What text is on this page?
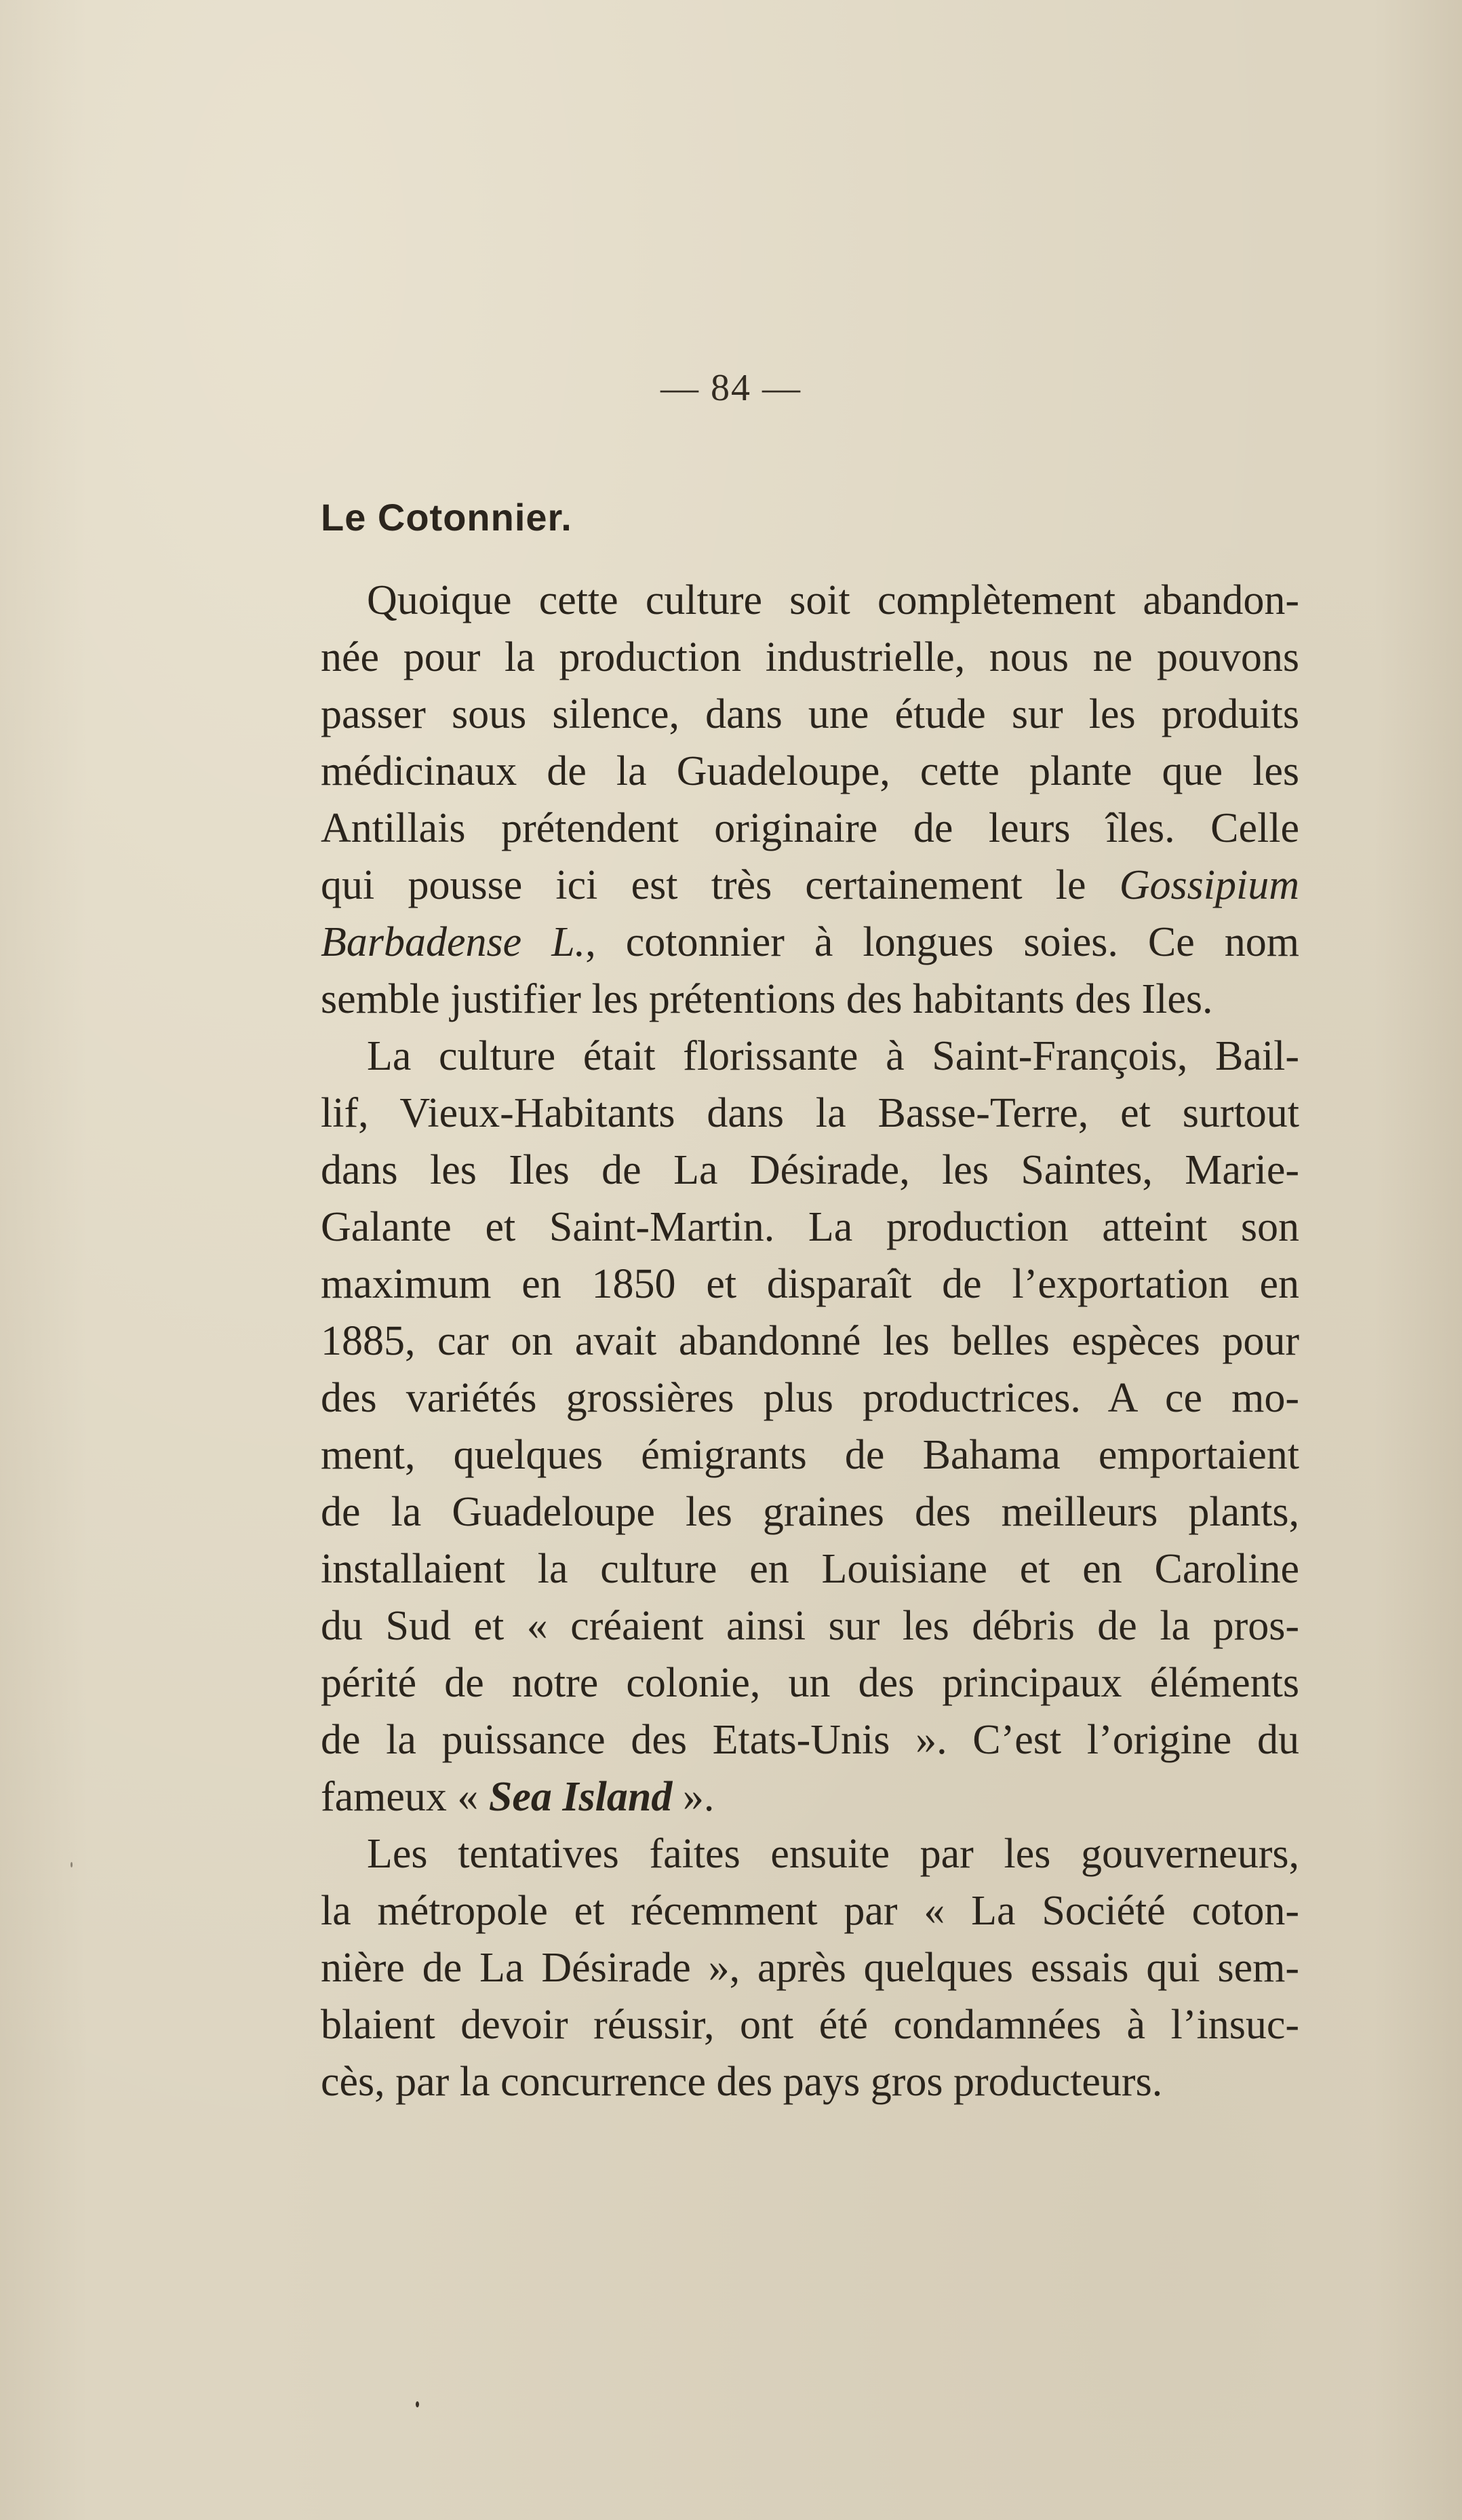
— 84 —
Le Cotonnier.
Quoique cette culture soit complètement abandon-
née pour la production industrielle, nous ne pouvons
passer sous silence, dans une étude sur les produits
médicinaux de la Guadeloupe, cette plante que les
Antillais prétendent originaire de leurs îles. Celle
qui pousse ici est très certainement le Gossipium
Barbadense L., cotonnier à longues soies. Ce nom
semble justifier les prétentions des habitants des Iles.
La culture était florissante à Saint-François, Bail-
lif, Vieux-Habitants dans la Basse-Terre, et surtout
dans les Iles de La Désirade, les Saintes, Marie-
Galante et Saint-Martin. La production atteint son
maximum en 1850 et disparaît de l’exportation en
1885, car on avait abandonné les belles espèces pour
des variétés grossières plus productrices. A ce mo-
ment, quelques émigrants de Bahama emportaient
de la Guadeloupe les graines des meilleurs plants,
installaient la culture en Louisiane et en Caroline
du Sud et « créaient ainsi sur les débris de la pros-
périté de notre colonie, un des principaux éléments
de la puissance des Etats-Unis ». C’est l’origine du
fameux « Sea Island ».
Les tentatives faites ensuite par les gouverneurs,
la métropole et récemment par « La Société coton-
nière de La Désirade », après quelques essais qui sem-
blaient devoir réussir, ont été condamnées à l’insuc-
cès, par la concurrence des pays gros producteurs.
